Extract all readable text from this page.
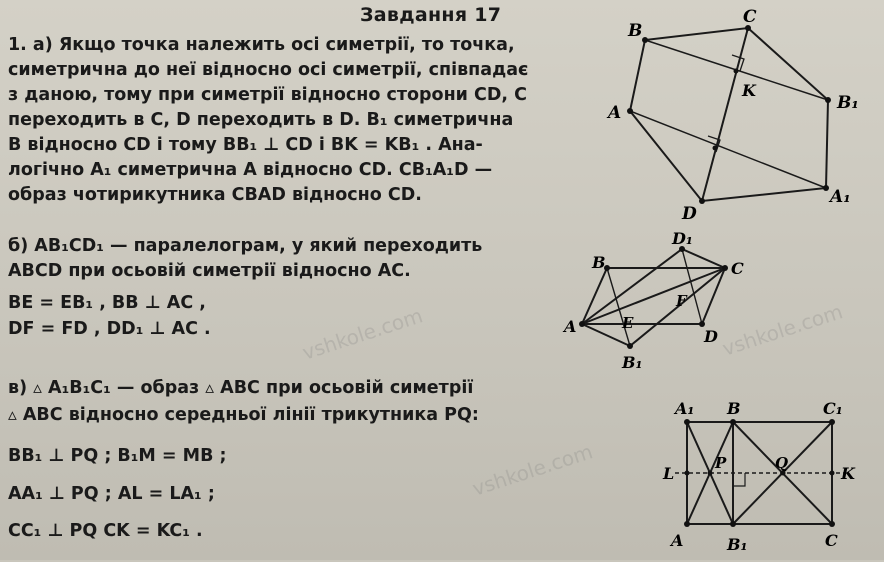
Завдання 17
1. а) Якщо точка належить осі симетрії, то точка,
симетрична до неї відносно осі симетрії, співпадає
з даною, тому при симетрії відносно сторони CD, C
переходить в C, D переходить в D. B₁ симетрична
B відносно CD і тому BB₁ ⊥ CD і BK = KB₁ . Ана-
логічно A₁ симетрична A відносно CD. CB₁A₁D —
образ чотирикутника CBAD відносно CD.
б) AB₁CD₁ — паралелограм, у який переходить
ABCD при осьовій симетрії відносно AC.
BE = EB₁ , BB ⊥ AC ,
DF = FD , DD₁ ⊥ AC .
в) ▵ A₁B₁C₁ — образ ▵ ABC при осьовій симетрії
▵ ABC відносно середньої лінії трикутника PQ:
BB₁ ⊥ PQ ; B₁M = MB ;
AA₁ ⊥ PQ ; AL = LA₁ ;
CC₁ ⊥ PQ CK = KC₁ .
B
C
A
K
B₁
A₁
D
B
D₁
C
A	E
F
D
B₁
A₁ B	C₁
L
P	Q
K
A	B₁	C
vshkole.com	vshkole.com
vshkole.com
